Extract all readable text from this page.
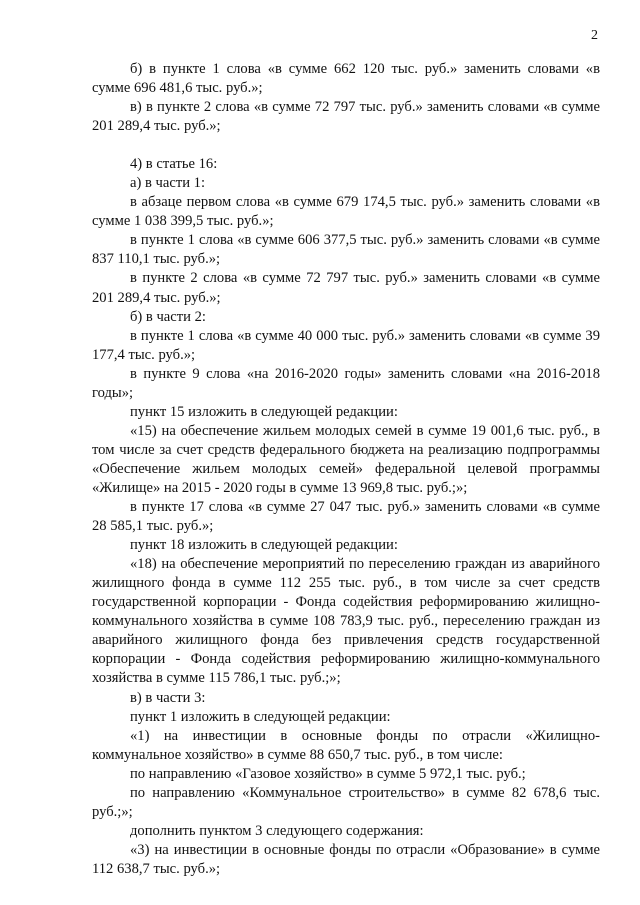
2

б) в пункте 1 слова «в сумме 662 120 тыс. руб.» заменить словами «в сумме 696 481,6 тыс. руб.»;

в) в пункте 2 слова «в сумме 72 797 тыс. руб.» заменить словами «в сумме 201 289,4 тыс. руб.»;

4) в статье 16:

а) в части 1:

в абзаце первом слова «в сумме 679 174,5 тыс. руб.» заменить словами «в сумме 1 038 399,5 тыс. руб.»;

в пункте 1 слова «в сумме 606 377,5 тыс. руб.» заменить словами «в сумме 837 110,1 тыс. руб.»;

в пункте 2 слова «в сумме 72 797 тыс. руб.» заменить словами «в сумме 201 289,4 тыс. руб.»;

б) в части 2:

в пункте 1 слова «в сумме 40 000 тыс. руб.» заменить словами «в сумме 39 177,4 тыс. руб.»;

в пункте 9 слова «на 2016-2020 годы» заменить словами «на 2016-2018 годы»;

пункт 15 изложить в следующей редакции:

«15) на обеспечение жильем молодых семей в сумме 19 001,6 тыс. руб., в том числе за счет средств федерального бюджета на реализацию подпрограммы «Обеспечение жильем молодых семей» федеральной целевой программы «Жилище» на 2015 - 2020 годы в сумме 13 969,8 тыс. руб.;»;

в пункте 17 слова «в сумме 27 047 тыс. руб.» заменить словами «в сумме 28 585,1 тыс. руб.»;

пункт 18 изложить в следующей редакции:

«18) на обеспечение мероприятий по переселению граждан из аварийного жилищного фонда в сумме 112 255 тыс. руб., в том числе за счет средств государственной корпорации - Фонда содействия реформированию жилищно-коммунального хозяйства в сумме 108 783,9 тыс. руб., переселению граждан из аварийного жилищного фонда без привлечения средств государственной корпорации - Фонда содействия реформированию жилищно-коммунального хозяйства в сумме 115 786,1 тыс. руб.;»;

в) в части 3:

пункт 1 изложить в следующей редакции:

«1) на инвестиции в основные фонды по отрасли «Жилищно-коммунальное хозяйство» в сумме 88 650,7 тыс. руб., в том числе:

по направлению «Газовое хозяйство» в сумме 5 972,1 тыс. руб.;

по направлению «Коммунальное строительство» в сумме 82 678,6 тыс. руб.;»;

дополнить пунктом 3 следующего содержания:

«3) на инвестиции в основные фонды по отрасли «Образование» в сумме 112 638,7 тыс. руб.»;
